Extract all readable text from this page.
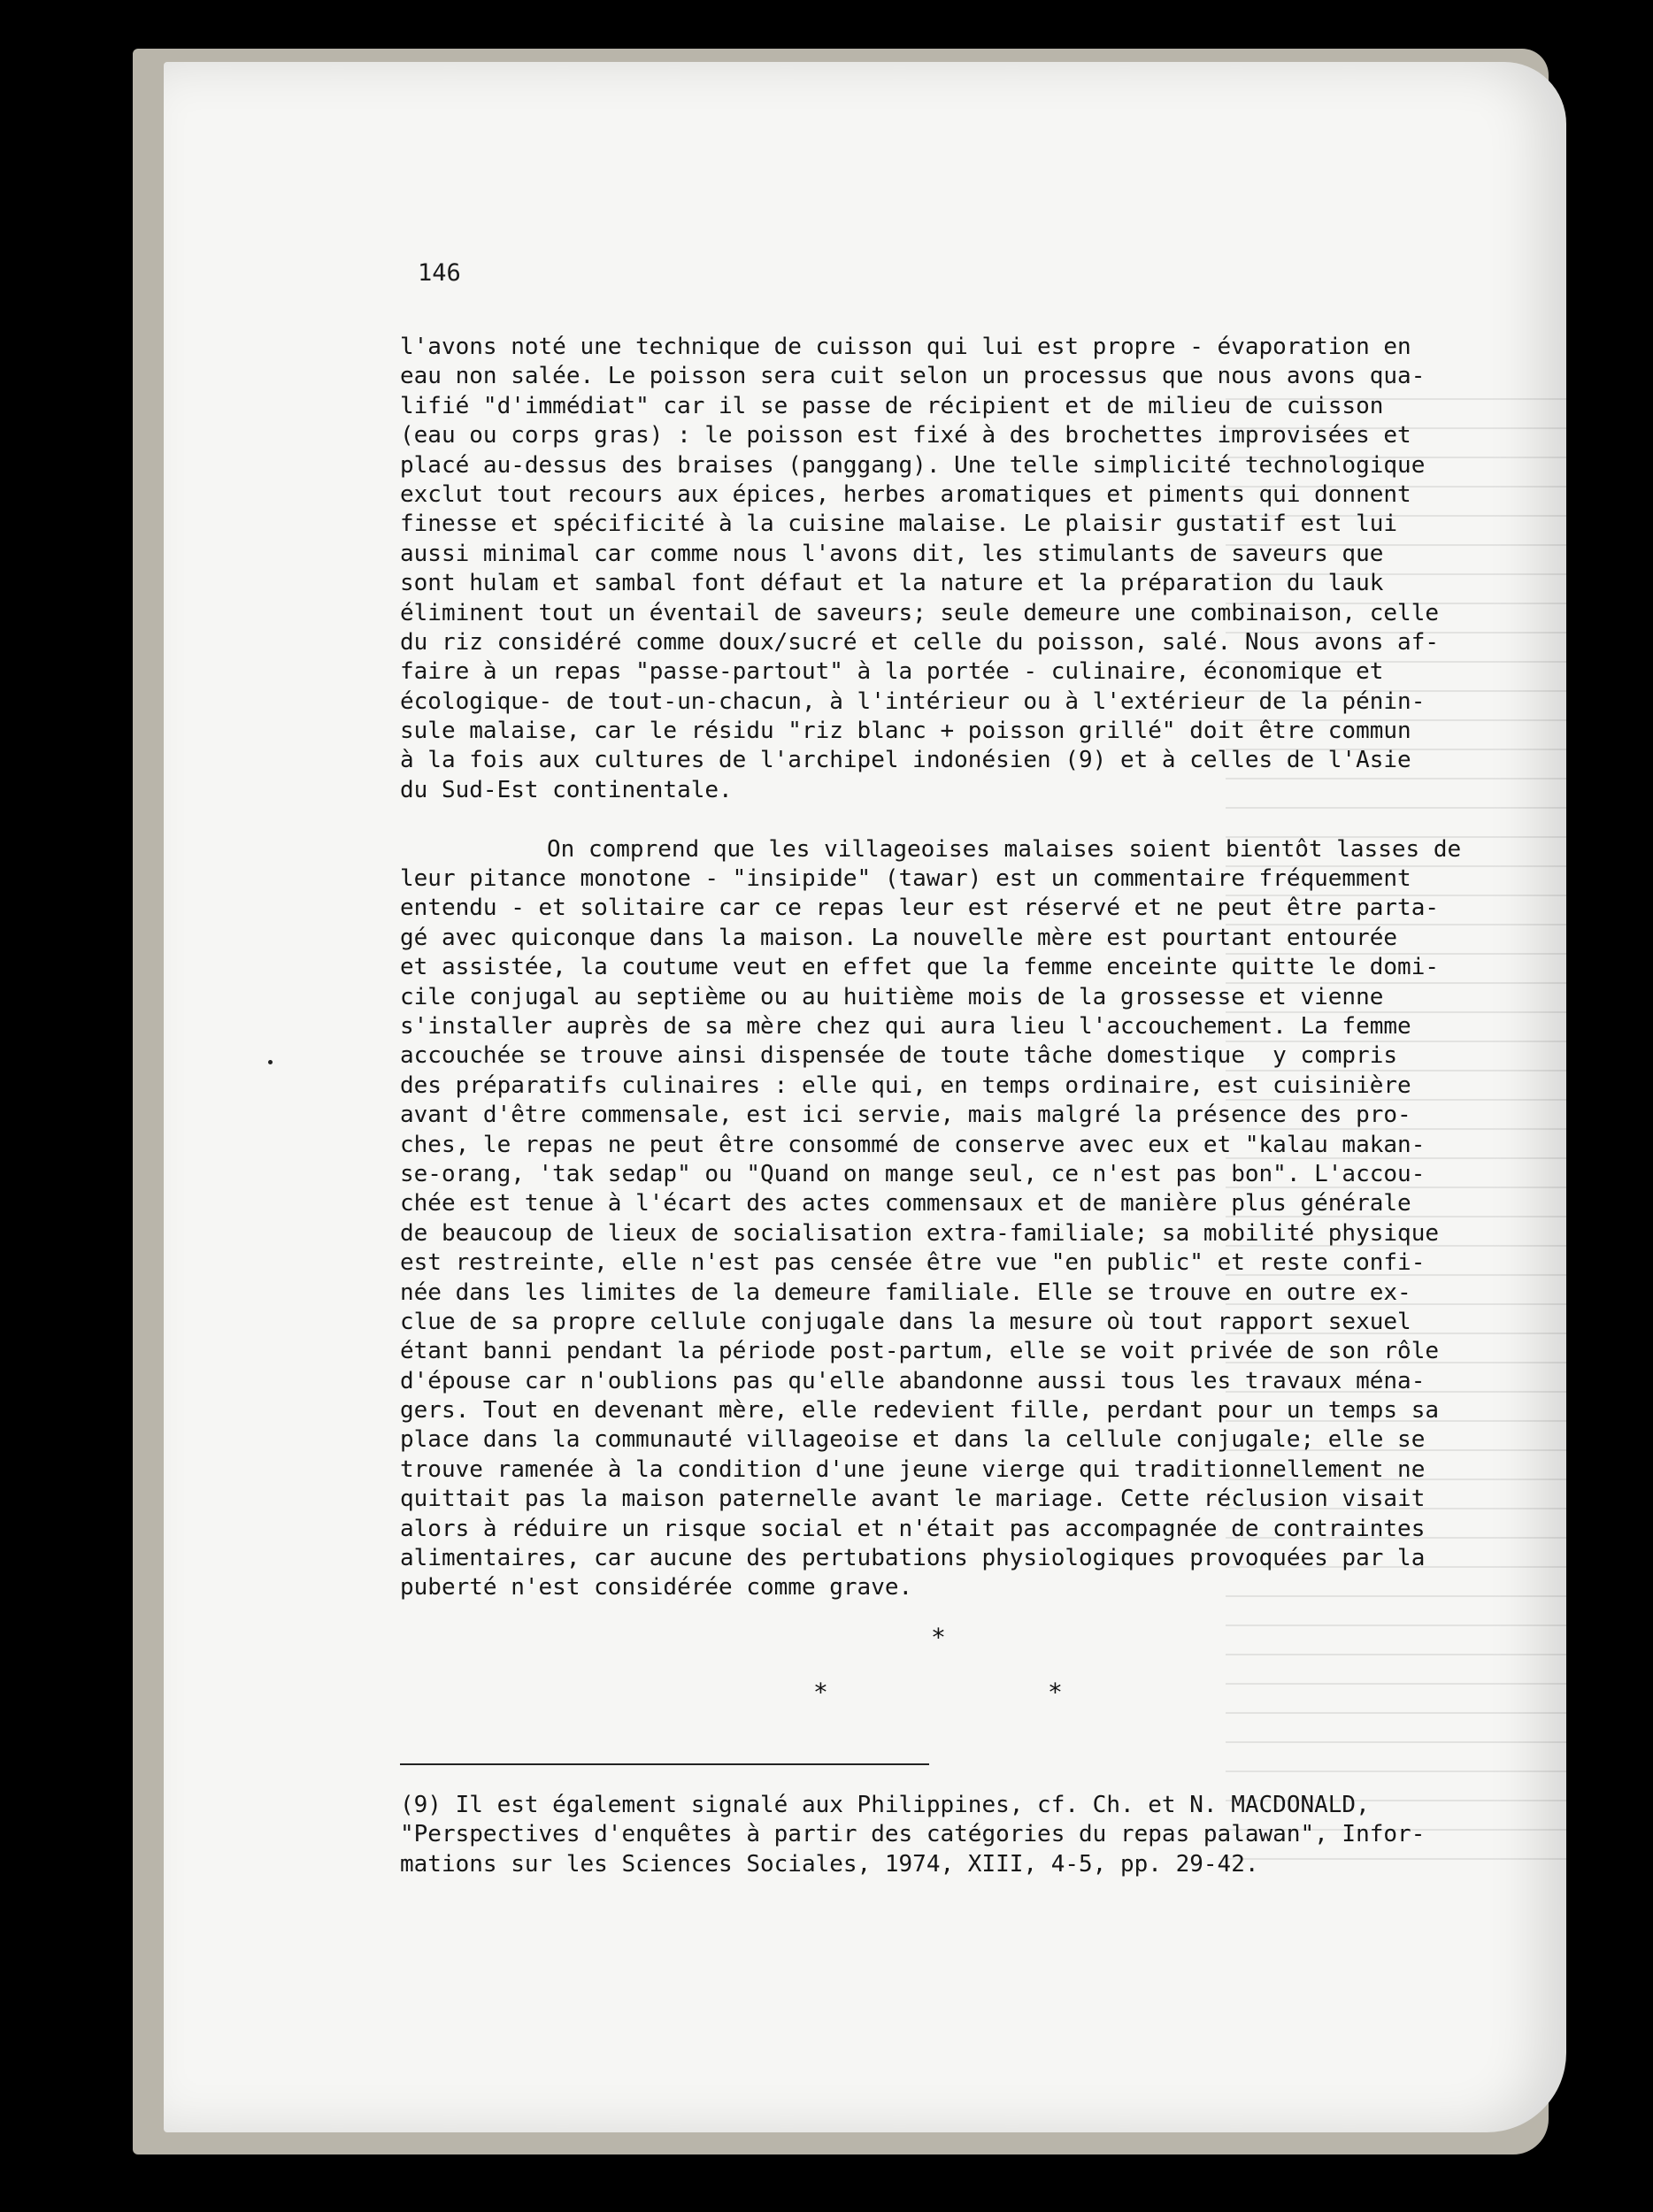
146
l'avons noté une technique de cuisson qui lui est propre - évaporation en
eau non salée. Le poisson sera cuit selon un processus que nous avons qua-
lifié "d'immédiat" car il se passe de récipient et de milieu de cuisson
(eau ou corps gras) : le poisson est fixé à des brochettes improvisées et
placé au-dessus des braises (panggang). Une telle simplicité technologique
exclut tout recours aux épices, herbes aromatiques et piments qui donnent
finesse et spécificité à la cuisine malaise. Le plaisir gustatif est lui
aussi minimal car comme nous l'avons dit, les stimulants de saveurs que
sont hulam et sambal font défaut et la nature et la préparation du lauk
éliminent tout un éventail de saveurs; seule demeure une combinaison, celle
du riz considéré comme doux/sucré et celle du poisson, salé. Nous avons af-
faire à un repas "passe-partout" à la portée - culinaire, économique et
écologique- de tout-un-chacun, à l'intérieur ou à l'extérieur de la pénin-
sule malaise, car le résidu "riz blanc + poisson grillé" doit être commun
à la fois aux cultures de l'archipel indonésien (9) et à celles de l'Asie
du Sud-Est continentale.
On comprend que les villageoises malaises soient bientôt lasses de
leur pitance monotone - "insipide" (tawar) est un commentaire fréquemment
entendu - et solitaire car ce repas leur est réservé et ne peut être parta-
gé avec quiconque dans la maison. La nouvelle mère est pourtant entourée
et assistée, la coutume veut en effet que la femme enceinte quitte le domi-
cile conjugal au septième ou au huitième mois de la grossesse et vienne
s'installer auprès de sa mère chez qui aura lieu l'accouchement. La femme
accouchée se trouve ainsi dispensée de toute tâche domestique  y compris
des préparatifs culinaires : elle qui, en temps ordinaire, est cuisinière
avant d'être commensale, est ici servie, mais malgré la présence des pro-
ches, le repas ne peut être consommé de conserve avec eux et "kalau makan-
se-orang, 'tak sedap" ou "Quand on mange seul, ce n'est pas bon". L'accou-
chée est tenue à l'écart des actes commensaux et de manière plus générale
de beaucoup de lieux de socialisation extra-familiale; sa mobilité physique
est restreinte, elle n'est pas censée être vue "en public" et reste confi-
née dans les limites de la demeure familiale. Elle se trouve en outre ex-
clue de sa propre cellule conjugale dans la mesure où tout rapport sexuel
étant banni pendant la période post-partum, elle se voit privée de son rôle
d'épouse car n'oublions pas qu'elle abandonne aussi tous les travaux ména-
gers. Tout en devenant mère, elle redevient fille, perdant pour un temps sa
place dans la communauté villageoise et dans la cellule conjugale; elle se
trouve ramenée à la condition d'une jeune vierge qui traditionnellement ne
quittait pas la maison paternelle avant le mariage. Cette réclusion visait
alors à réduire un risque social et n'était pas accompagnée de contraintes
alimentaires, car aucune des pertubations physiologiques provoquées par la
puberté n'est considérée comme grave.
*
*	*
(9) Il est également signalé aux Philippines, cf. Ch. et N. MACDONALD,
"Perspectives d'enquêtes à partir des catégories du repas palawan", Infor-
mations sur les Sciences Sociales, 1974, XIII, 4-5, pp. 29-42.
